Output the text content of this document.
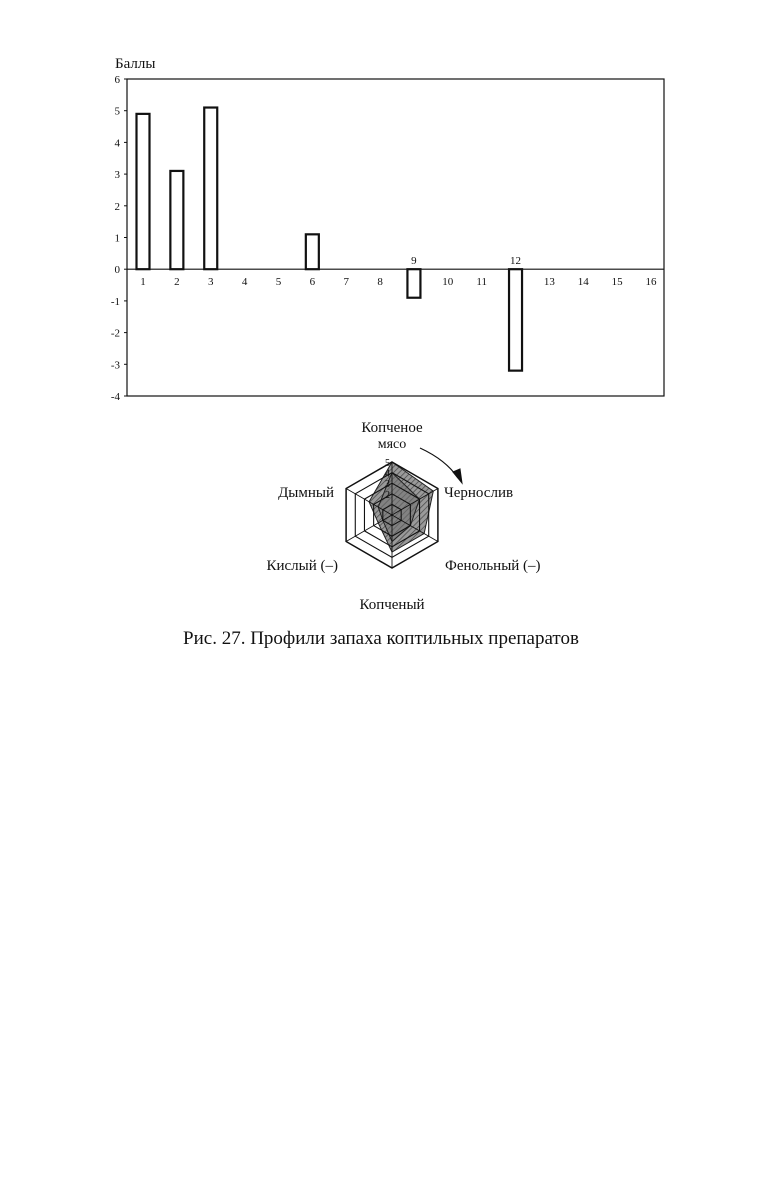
Баллы
6
5
4
3
2
1
0
-1
-2
-3
-4
1	2	3	4	5	6	7	8
9
10 11
12
13 14 15 16
5
4
3
2
Копченое
мясо
Чернослив
Фенольный (–)
Копченый
Кислый (–)
Дымный
Рис. 27. Профили запаха коптильных препаратов
